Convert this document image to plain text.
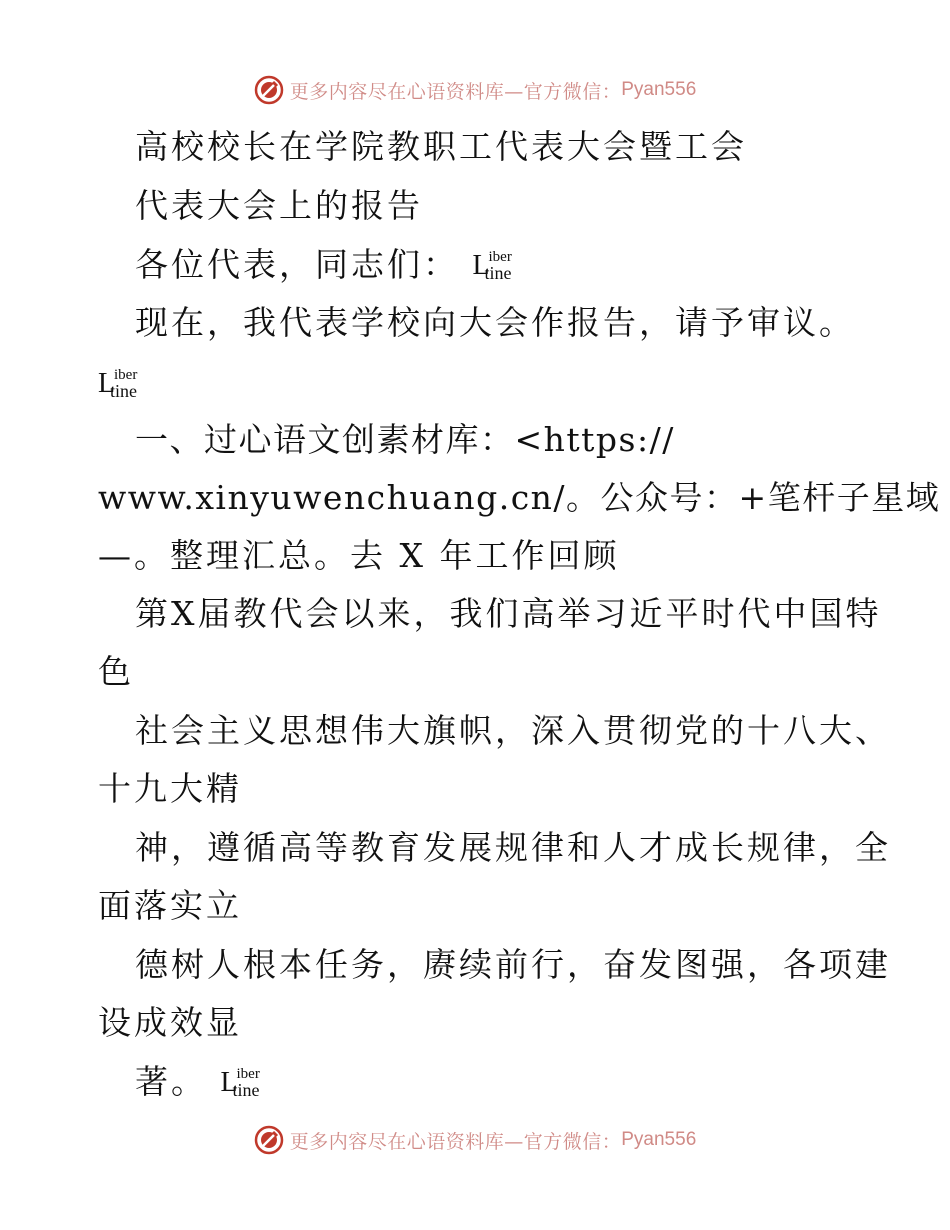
更多内容尽在心语资料库—官方微信： Pyan556
高校校长在学院教职工代表大会暨工会
代表大会上的报告
各位代表，同志们： L
iber
tine
现在，我代表学校向大会作报告，请予审议。
L
iber
tine
一、过心语文创素材库：<https://
www.xinyuwenchuang.cn/。公众号：+笔杆子星域
—。整理汇总。去 X 年工作回顾
第X届教代会以来，我们高举习近平时代中国特
色
社会主义思想伟大旗帜，深入贯彻党的十八大、
十九大精
神，遵循高等教育发展规律和人才成长规律，全
面落实立
德树人根本任务，赓续前行，奋发图强，各项建
设成效显
著。 L
iber
tine
更多内容尽在心语资料库—官方微信： Pyan556
